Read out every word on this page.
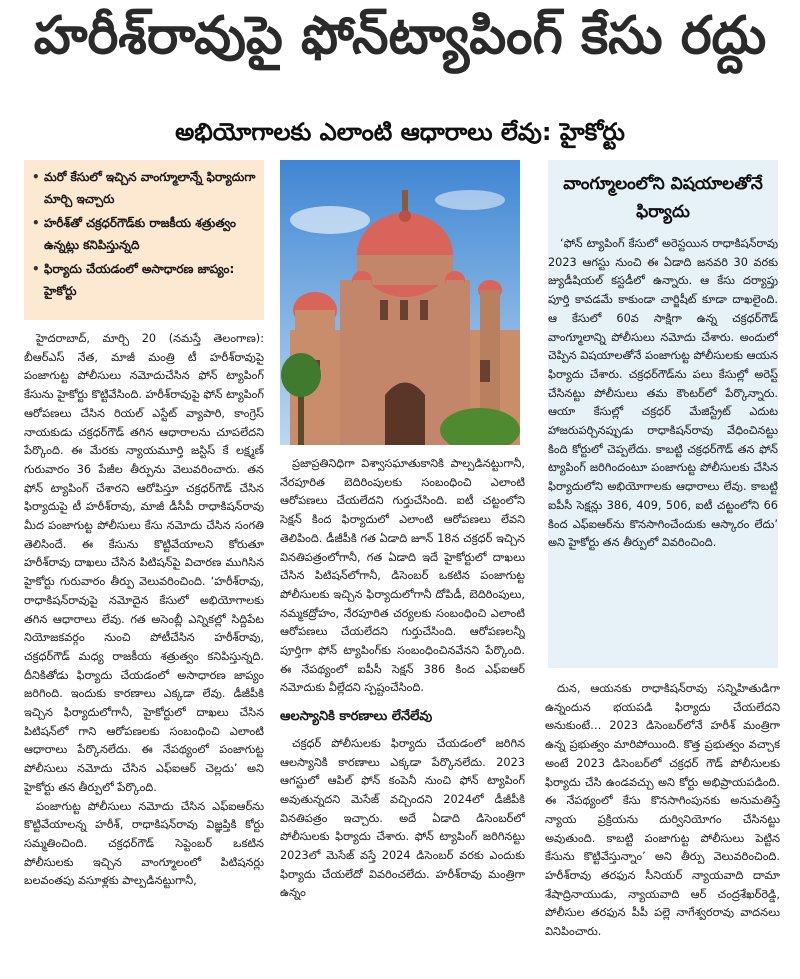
హరీశ్‌రావుపై ఫోన్‌ట్యాపింగ్ కేసు రద్దు
అభియోగాలకు ఎలాంటి ఆధారాలు లేవు: హైకోర్టు
• మరో కేసులో ఇచ్చిన వాంగ్మూలాన్నే ఫిర్యాదుగా మార్చి ఇచ్చారు
• హరీశ్‌తో చక్రధర్‌గౌడ్‌కు రాజకీయ శత్రుత్వం ఉన్నట్లు కనిపిస్తున్నది
• ఫిర్యాదు చేయడంలో అసాధారణ జాప్యం: హైకోర్టు
వాంగ్మూలంలోని విషయాలతోనే ఫిర్యాదు

హైదరాబాద్, మార్చి 20 (నమస్తే తెలంగాణ): బీఆర్ఎస్ నేత, మాజీ మంత్రి టీ హరీశ్‌రావుపై పంజాగుట్ట పోలీసులు నమోదుచేసిన ఫోన్ ట్యాపింగ్ కేసును హైకోర్టు కొట్టివేసింది. హరీశ్‌రావుపై ఫోన్ ట్యాపింగ్ ఆరోపణలు చేసిన రియల్ ఎస్టేట్ వ్యాపారి, కాంగ్రెస్ నాయకుడు చక్రధర్‌గౌడ్ తగిన ఆధారాలను చూపలేదని పేర్కొంది. ఈ మేరకు న్యాయమూర్తి జస్టిస్ కే లక్ష్మణ్ గురువారం 36 పేజీల తీర్పును వెలువరించారు. తన ఫోన్ ట్యాపింగ్ చేశారని ఆరోపిస్తూ చక్రధర్‌గౌడ్ చేసిన ఫిర్యాదుపై టీ హరీశ్‌రావు, మాజీ డీసీపీ రాధాకిషన్‌రావు మీద పంజాగుట్ట పోలీసులు కేసు నమోదు చేసిన సంగతి తెలిసిందే. ఈ కేసును కొట్టివేయాలని కోరుతూ హరీశ్‌రావు దాఖలు చేసిన పిటిషన్‌పై విచారణ ముగిసిన హైకోర్టు గురువారం తీర్పు వెలువరించింది. ‘హరీశ్‌రావు, రాధాకిషన్‌రావుపై నమోదైన కేసులో అభియోగాలకు తగిన ఆధారాలు లేవు. గత అసెంబ్లీ ఎన్నికల్లో సిద్దిపేట నియోజకవర్గం నుంచి పోటీచేసిన హరీశ్‌రావు, చక్రధర్‌గౌడ్ మధ్య రాజకీయ శత్రుత్వం కనిపిస్తున్నది. దీనికితోడు ఫిర్యాదు చేయడంలో అసాధారణ జాప్యం జరిగింది. ఇందుకు కారణాలు ఎక్కడా లేవు. డీజీపీకి ఇచ్చిన ఫిర్యాదులోగానీ, హైకోర్టులో దాఖలు చేసిన పిటిషన్‌లో గాని ఆరోపణలకు సంబంధించి ఎలాంటి ఆధారాలు పేర్కొనలేదు. ఈ నేపథ్యంలో పంజాగుట్ట పోలీసులు నమోదు చేసిన ఎఫ్ఐఆర్ చెల్లదు’ అని హైకోర్టు తన తీర్పులో పేర్కొంది.

పంజాగుట్ట పోలీసులు నమోదు చేసిన ఎఫ్ఐఆర్‌ను కొట్టివేయాలన్న హరీశ్, రాధాకిషన్‌రావు విజ్ఞప్తికి కోర్టు సమ్మతించింది. చక్రధర్‌గౌడ్ సెప్టెంబర్ ఒకటిన పోలీసులకు ఇచ్చిన వాంగ్మూలంలో పిటిషనర్లు బలవంతపు వసూళ్లకు పాల్పడినట్టుగానీ,

ప్రజాప్రతినిధిగా విశ్వాసఘాతుకానికి పాల్పడినట్టుగానీ, నేరపూరిత బెదిరింపులకు సంబంధించి ఎలాంటి ఆరోపణలు చేయలేదని గుర్తుచేసింది. ఐటీ చట్టంలోని సెక్షన్ కింద ఫిర్యాదులో ఎలాంటి ఆరోపణలు లేవని తెలిపింది. డీజీపీకి గత ఏడాది జూన్ 18న చక్రధర్ ఇచ్చిన వినతిపత్రంలోగానీ, గత ఏడాది ఇదే హైకోర్టులో దాఖలు చేసిన పిటిషన్‌లోగానీ, డిసెంబర్ ఒకటిన పంజాగుట్ట పోలీసులకు ఇచ్చిన ఫిర్యాదులోగానీ దోపిడీ, బెదిరింపులు, నమ్మకద్రోహం, నేరపూరిత చర్యలకు సంబంధించి ఎలాంటి ఆరోపణలు చేయలేదని గుర్తుచేసింది. ఆరోపణలన్నీ పూర్తిగా ఫోన్ ట్యాపింగ్‌కు సంబంధించినవేనని పేర్కొంది. ఈ నేపథ్యంలో ఐపీసీ సెక్షన్ 386 కింద ఎఫ్ఐఆర్ నమోదుకు వీల్లేదని స్పష్టంచేసింది.

ఆలస్యానికి కారణాలు లేనేలేవు

చక్రధర్ పోలీసులకు ఫిర్యాదు చేయడంలో జరిగిన ఆలస్యానికి కారణాలు ఎక్కడా పేర్కొనలేదు. 2023 ఆగస్టులో ఆపిల్ ఫోన్ కంపెనీ నుంచి ఫోన్ ట్యాపింగ్ అవుతున్నదని మెసేజ్ వచ్చిందని 2024లో డీజీపీకి వినతిపత్రం ఇచ్చారు. అదే ఏడాది డిసెంబర్‌లో పోలీసులకు ఫిర్యాదు చేశారు. ఫోన్ ట్యాపింగ్ జరిగినట్టు 2023లో మెసేజ్ వస్తే 2024 డిసెంబర్ వరకు ఎందుకు ఫిర్యాదు చేయలేదో వివరించలేదు. హరీశ్‌రావు మంత్రిగా ఉన్నం

‘ఫోన్ ట్యాపింగ్ కేసులో అరెస్టయిన రాధాకిషన్‌రావు 2023 ఆగస్టు నుంచి ఈ ఏడాది జనవరి 30 వరకు జ్యుడీషియల్ కస్టడీలో ఉన్నారు. ఆ కేసు దర్యాప్తు పూర్తి కావడమే కాకుండా చార్జిషీట్ కూడా దాఖలైంది. ఆ కేసులో 60వ సాక్షిగా ఉన్న చక్రధర్‌గౌడ్ వాంగ్మూలాన్ని పోలీసులు నమోదు చేశారు. అందులో చెప్పిన విషయాలతోనే పంజాగుట్ట పోలీసులకు ఆయన ఫిర్యాదు చేశారు. చక్రధర్‌గౌడ్‌ను పలు కేసుల్లో అరెస్ట్ చేసినట్టు పోలీసులు తమ కౌంటర్‌లో పేర్కొన్నారు. ఆయా కేసుల్లో చక్రధర్ మేజిస్ట్రేట్ ఎదుట హాజరుపర్చినప్పుడు రాధాకిషన్‌రావు వేధించినట్టు కింది కోర్టులో చెప్పలేదు. కాబట్టి చక్రధర్‌గౌడ్ తన ఫోన్ ట్యాపింగ్ జరిగిందంటూ పంజాగుట్ట పోలీసులకు చేసిన ఫిర్యాదులోని అభియోగాలకు ఆధారాలు లేవు. కాబట్టి ఐపీసీ సెక్షన్లు 386, 409, 506, ఐటీ చట్టంలోని 66 కింద ఎఫ్ఐఆర్‌ను కొనసాగించేందుకు ఆస్కారం లేదు’ అని హైకోర్టు తన తీర్పులో వివరించింది.

దున, ఆయనకు రాధాకిషన్‌రావు సన్నిహితుడిగా ఉన్నందున భయపడి ఫిర్యాదు చేయలేదని అనుకుంటే… 2023 డిసెంబర్‌లోనే హరీశ్ మంత్రిగా ఉన్న ప్రభుత్వం మారిపోయింది. కొత్త ప్రభుత్వం వచ్చాక అంటే 2023 డిసెంబర్‌లో చక్రధర్ గౌడ్ పోలీసులకు ఫిర్యాదు చేసి ఉండవచ్చు అని కోర్టు అభిప్రాయపడింది. ఈ నేపథ్యంలో కేసు కొనసాగింపునకు అనుమతిస్తే న్యాయ ప్రక్రియను దుర్వినియోగం చేసినట్టు అవుతుంది. కాబట్టి పంజాగుట్ట పోలీసులు పెట్టిన కేసును కొట్టివేస్తున్నాం’ అని తీర్పు వెలువరించింది. హరీశ్‌రావు తరఫున సీనియర్ న్యాయవాది దామా శేషాద్రినాయుడు, న్యాయవాది ఆర్ చంద్రశేఖర్‌రెడ్డి, పోలీసుల తరఫున పీపీ పల్లె నాగేశ్వరరావు వాదనలు వినిపించారు.
